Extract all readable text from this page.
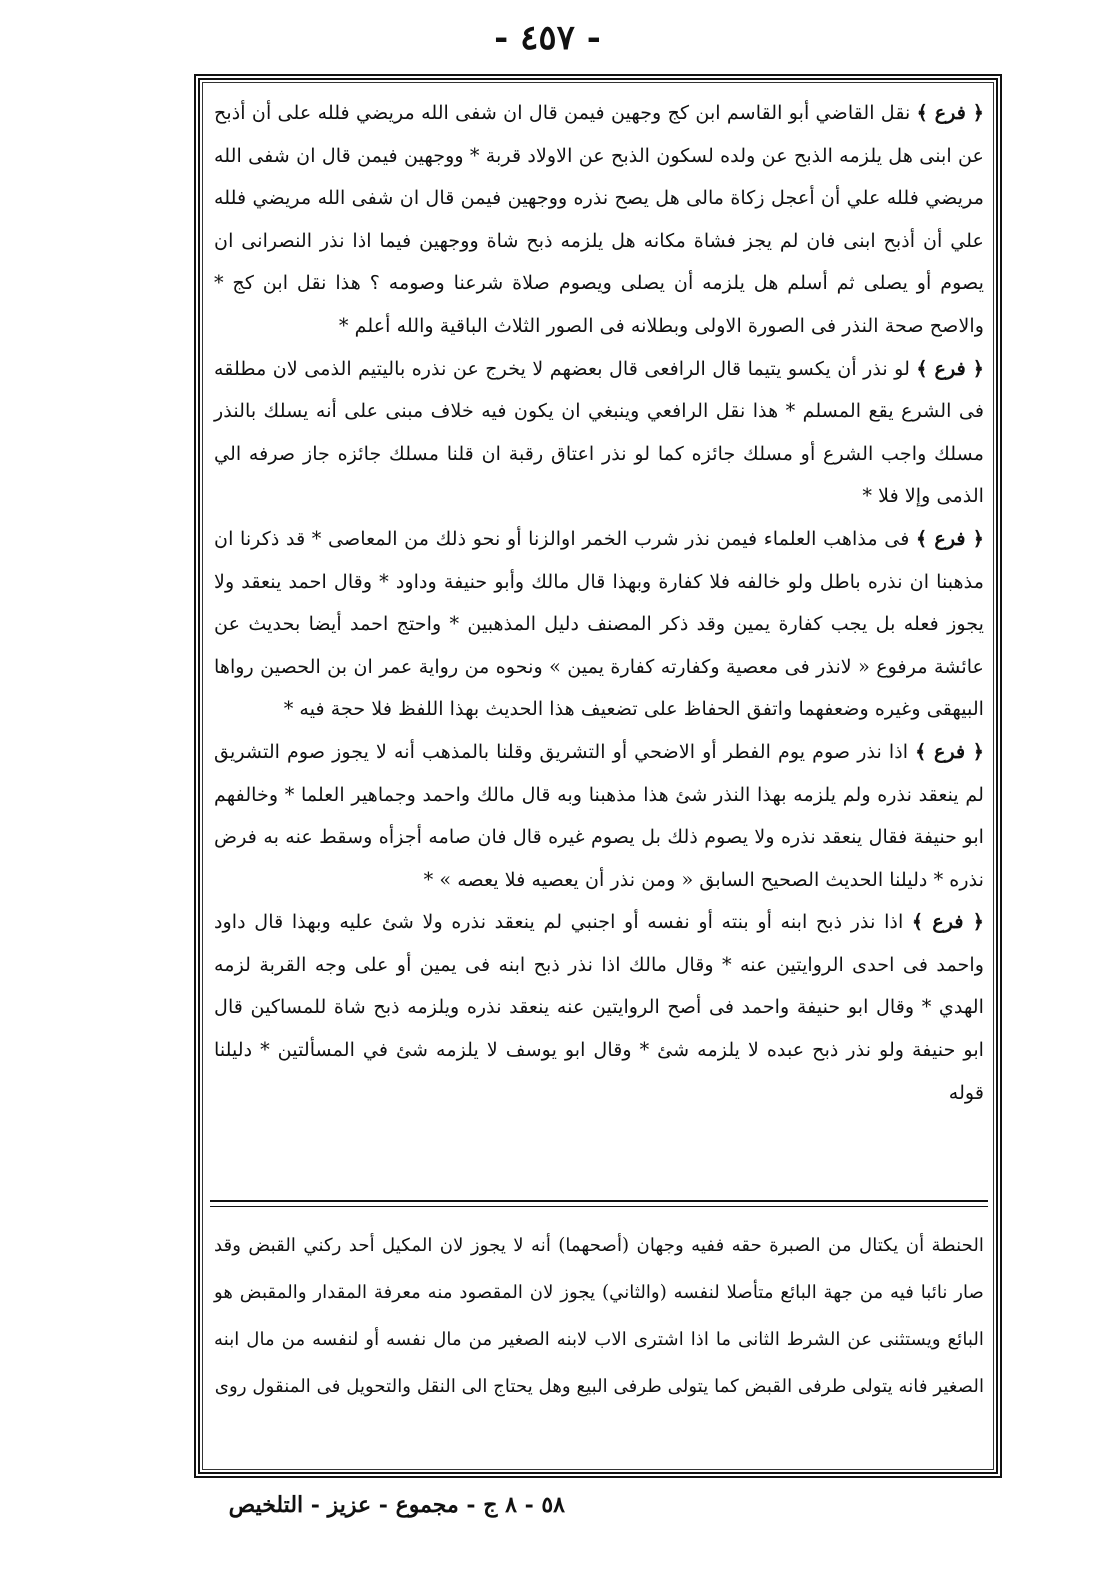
- ٤٥٧ -

﴿ فرع ﴾ نقل القاضي أبو القاسم ابن كج وجهين فيمن قال ان شفى الله مريضي فلله على أن أذبح عن ابنى هل يلزمه الذبح عن ولده لسكون الذبح عن الاولاد قربة * ووجهين فيمن قال ان شفى الله مريضي فلله علي أن أعجل زكاة مالى هل يصح نذره ووجهين فيمن قال ان شفى الله مريضي فلله علي أن أذبح ابنى فان لم يجز فشاة مكانه هل يلزمه ذبح شاة ووجهين فيما اذا نذر النصرانى ان يصوم أو يصلى ثم أسلم هل يلزمه أن يصلى ويصوم صلاة شرعنا وصومه ؟ هذا نقل ابن كج * والاصح صحة النذر فى الصورة الاولى وبطلانه فى الصور الثلاث الباقية والله أعلم *

﴿ فرع ﴾ لو نذر أن يكسو يتيما قال الرافعى قال بعضهم لا يخرج عن نذره باليتيم الذمى لان مطلقه فى الشرع يقع المسلم * هذا نقل الرافعي وينبغي ان يكون فيه خلاف مبنى على أنه يسلك بالنذر مسلك واجب الشرع أو مسلك جائزه كما لو نذر اعتاق رقبة ان قلنا مسلك جائزه جاز صرفه الي الذمى وإلا فلا *

﴿ فرع ﴾ فى مذاهب العلماء فيمن نذر شرب الخمر اوالزنا أو نحو ذلك من المعاصى * قد ذكرنا ان مذهبنا ان نذره باطل ولو خالفه فلا كفارة وبهذا قال مالك وأبو حنيفة وداود * وقال احمد ينعقد ولا يجوز فعله بل يجب كفارة يمين وقد ذكر المصنف دليل المذهبين * واحتج احمد أيضا بحديث عن عائشة مرفوع « لانذر فى معصية وكفارته كفارة يمين » ونحوه من رواية عمر ان بن الحصين رواها البيهقى وغيره وضعفهما واتفق الحفاظ على تضعيف هذا الحديث بهذا اللفظ فلا حجة فيه *

﴿ فرع ﴾ اذا نذر صوم يوم الفطر أو الاضحي أو التشريق وقلنا بالمذهب أنه لا يجوز صوم التشريق لم ينعقد نذره ولم يلزمه بهذا النذر شئ هذا مذهبنا وبه قال مالك واحمد وجماهير العلما * وخالفهم ابو حنيفة فقال ينعقد نذره ولا يصوم ذلك بل يصوم غيره قال فان صامه أجزأه وسقط عنه به فرض نذره * دليلنا الحديث الصحيح السابق « ومن نذر أن يعصيه فلا يعصه » *

﴿ فرع ﴾ اذا نذر ذبح ابنه أو بنته أو نفسه أو اجنبي لم ينعقد نذره ولا شئ عليه وبهذا قال داود واحمد فى احدى الروايتين عنه * وقال مالك اذا نذر ذبح ابنه فى يمين أو على وجه القربة لزمه الهدي * وقال ابو حنيفة واحمد فى أصح الروايتين عنه ينعقد نذره ويلزمه ذبح شاة للمساكين قال ابو حنيفة ولو نذر ذبح عبده لا يلزمه شئ * وقال ابو يوسف لا يلزمه شئ في المسألتين * دليلنا قوله

الحنطة أن يكتال من الصبرة حقه ففيه وجهان (أصحهما) أنه لا يجوز لان المكيل أحد ركني القبض وقد صار نائبا فيه من جهة البائع متأصلا لنفسه (والثاني) يجوز لان المقصود منه معرفة المقدار والمقبض هو البائع ويستثنى عن الشرط الثانى ما اذا اشترى الاب لابنه الصغير من مال نفسه أو لنفسه من مال ابنه الصغير فانه يتولى طرفى القبض كما يتولى طرفى البيع وهل يحتاج الى النقل والتحويل فى المنقول روى
٥٨ - ٨ ج - مجموع - عزيز - التلخيص
